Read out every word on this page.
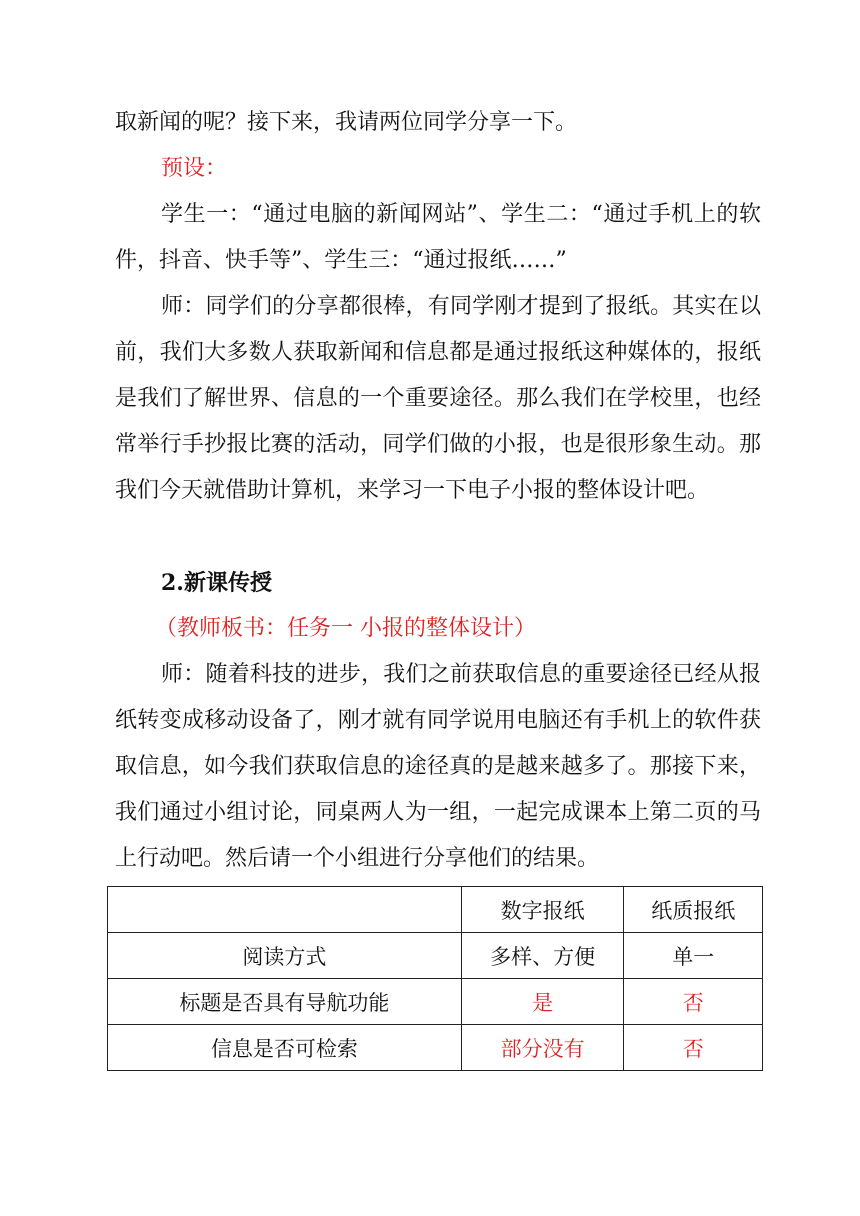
取新闻的呢？接下来，我请两位同学分享一下。

预设：

学生一：“通过电脑的新闻网站”、学生二：“通过手机上的软件，抖音、快手等”、学生三：“通过报纸……”

师：同学们的分享都很棒，有同学刚才提到了报纸。其实在以前，我们大多数人获取新闻和信息都是通过报纸这种媒体的，报纸是我们了解世界、信息的一个重要途径。那么我们在学校里，也经常举行手抄报比赛的活动，同学们做的小报，也是很形象生动。那我们今天就借助计算机，来学习一下电子小报的整体设计吧。

2.新课传授

（教师板书：任务一 小报的整体设计）

师：随着科技的进步，我们之前获取信息的重要途径已经从报纸转变成移动设备了，刚才就有同学说用电脑还有手机上的软件获取信息，如今我们获取信息的途径真的是越来越多了。那接下来，我们通过小组讨论，同桌两人为一组，一起完成课本上第二页的马上行动吧。然后请一个小组进行分享他们的结果。

	数字报纸	纸质报纸
阅读方式	多样、方便	单一
标题是否具有导航功能	是	否
信息是否可检索	部分没有	否
